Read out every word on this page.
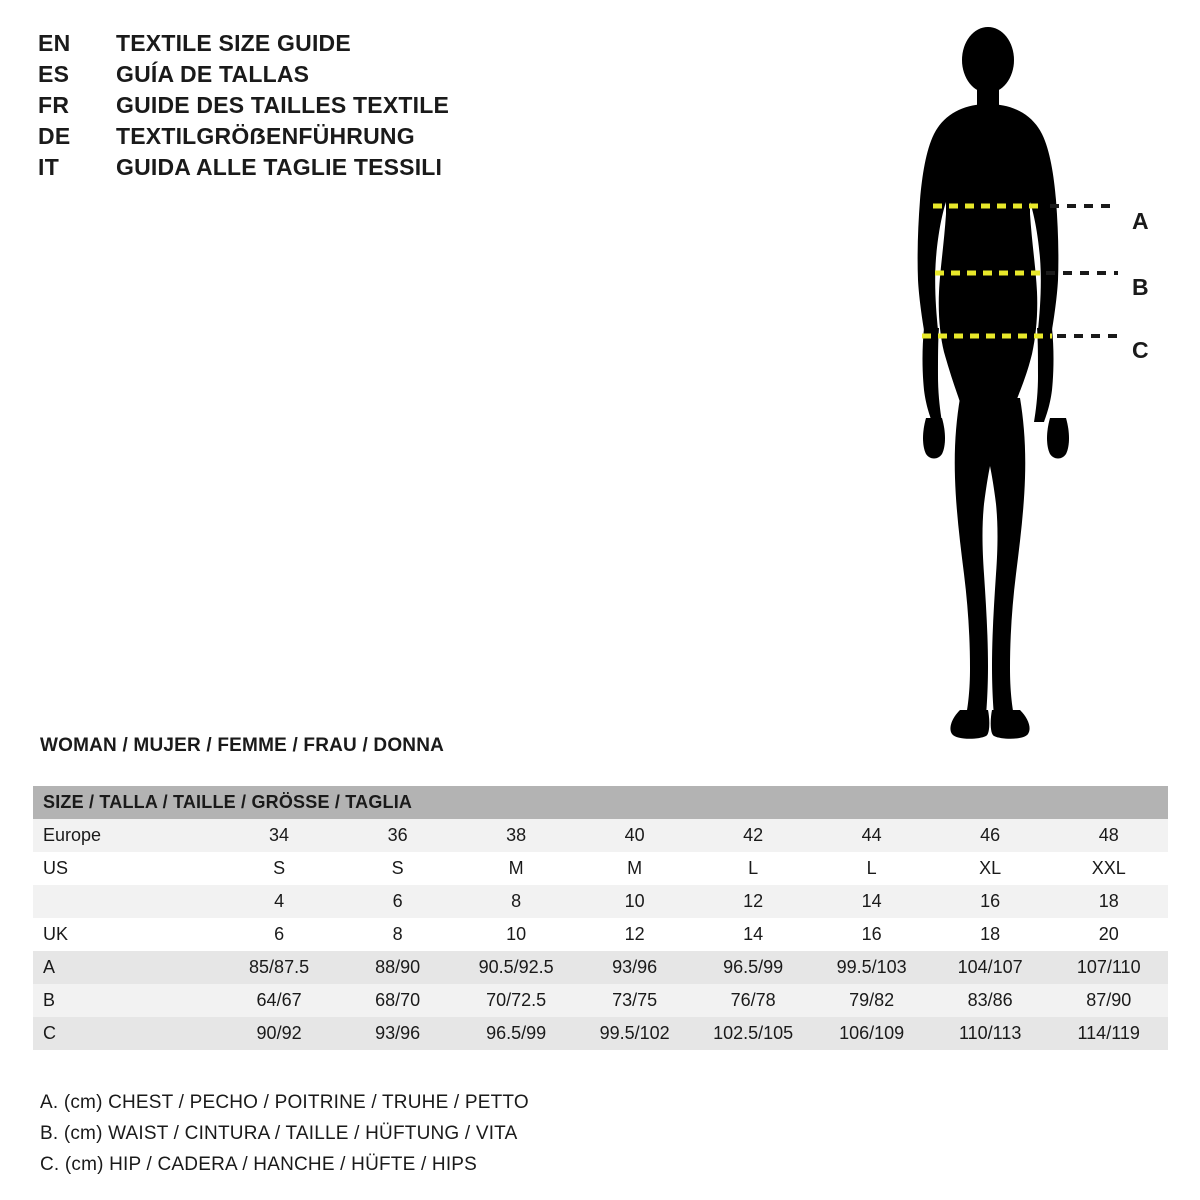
EN	TEXTILE SIZE GUIDE
ES	GUÍA DE TALLAS
FR	GUIDE DES TAILLES TEXTILE
DE	TEXTILGRÖẞENFÜHRUNG
IT	GUIDA ALLE TAGLIE TESSILI
A
B
C
WOMAN / MUJER / FEMME / FRAU / DONNA
SIZE / TALLA / TAILLE / GRÖSSE / TAGLIA								
Europe	34	36	38	40	42	44	46	48
US	S	S	M	M	L	L	XL	XXL
	4	6	8	10	12	14	16	18
UK	6	8	10	12	14	16	18	20
A	85/87.5	88/90	90.5/92.5	93/96	96.5/99	99.5/103	104/107	107/110
B	64/67	68/70	70/72.5	73/75	76/78	79/82	83/86	87/90
C	90/92	93/96	96.5/99	99.5/102	102.5/105	106/109	110/113	114/119
A. (cm) CHEST / PECHO / POITRINE / TRUHE / PETTO
B. (cm) WAIST / CINTURA / TAILLE / HÜFTUNG / VITA
C. (cm) HIP / CADERA / HANCHE / HÜFTE / HIPS
